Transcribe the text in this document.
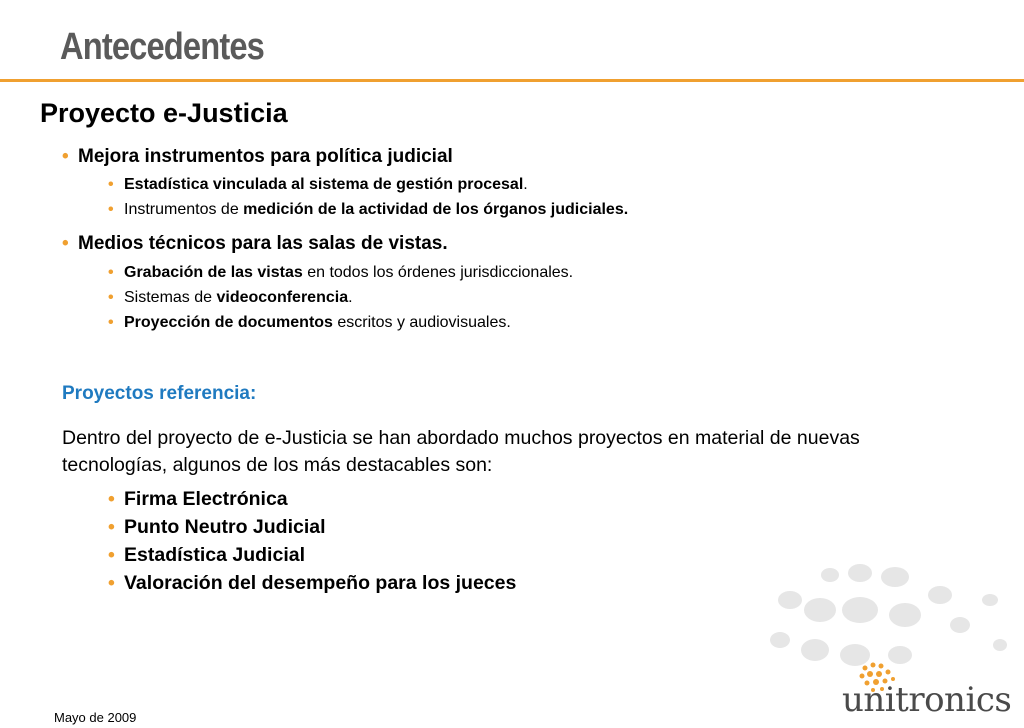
Antecedentes
Proyecto e-Justicia
• Mejora instrumentos para política judicial
• Estadística vinculada al sistema de gestión procesal.
• Instrumentos de medición de la actividad de los órganos judiciales.
• Medios técnicos para las salas de vistas.
• Grabación de las vistas en todos los órdenes jurisdiccionales.
• Sistemas de videoconferencia.
• Proyección de documentos escritos y audiovisuales.
Proyectos referencia:
Dentro del proyecto de e-Justicia se han abordado muchos proyectos en material de nuevas tecnologías, algunos de los más destacables son:
• Firma Electrónica
• Punto Neutro Judicial
• Estadística Judicial
• Valoración del desempeño para los jueces
unitronics
Mayo de 2009
